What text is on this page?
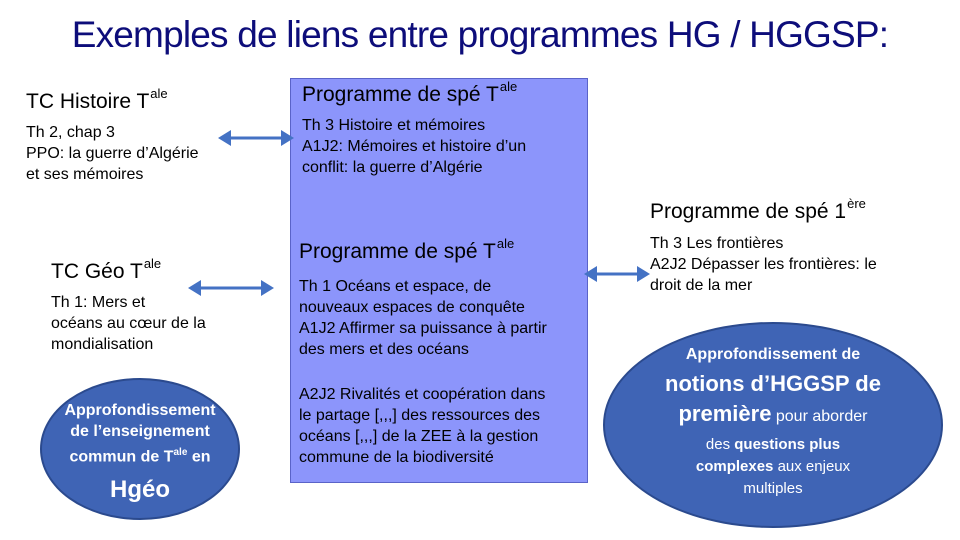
Exemples de liens entre programmes HG / HGGSP:
TC Histoire $T^{ale}$
Th 2, chap 3
PPO: la guerre d’Algérie
et ses mémoires
TC Géo $T^{ale}$
Th 1: Mers et
océans au cœur de la
mondialisation
Approfondissement
de l’enseignement
commun de $T^{ale}$ en
Hgéo
Programme de spé $T^{ale}$
Th 3 Histoire et mémoires
A1J2: Mémoires et histoire d’un
conflit: la guerre d’Algérie
Programme de spé $T^{ale}$
Th 1 Océans et espace, de
nouveaux espaces de conquête
A1J2 Affirmer sa puissance à partir
des mers et des océans
A2J2 Rivalités et coopération dans
le partage [,,,] des ressources des
océans [,,,] de la ZEE à la gestion
commune de la biodiversité
Programme de spé 1ère
Th 3 Les frontières
A2J2 Dépasser les frontières: le
droit de la mer
Approfondissement de
notions d’HGGSP de
première pour aborder
des questions plus
complexes aux enjeux
multiples
